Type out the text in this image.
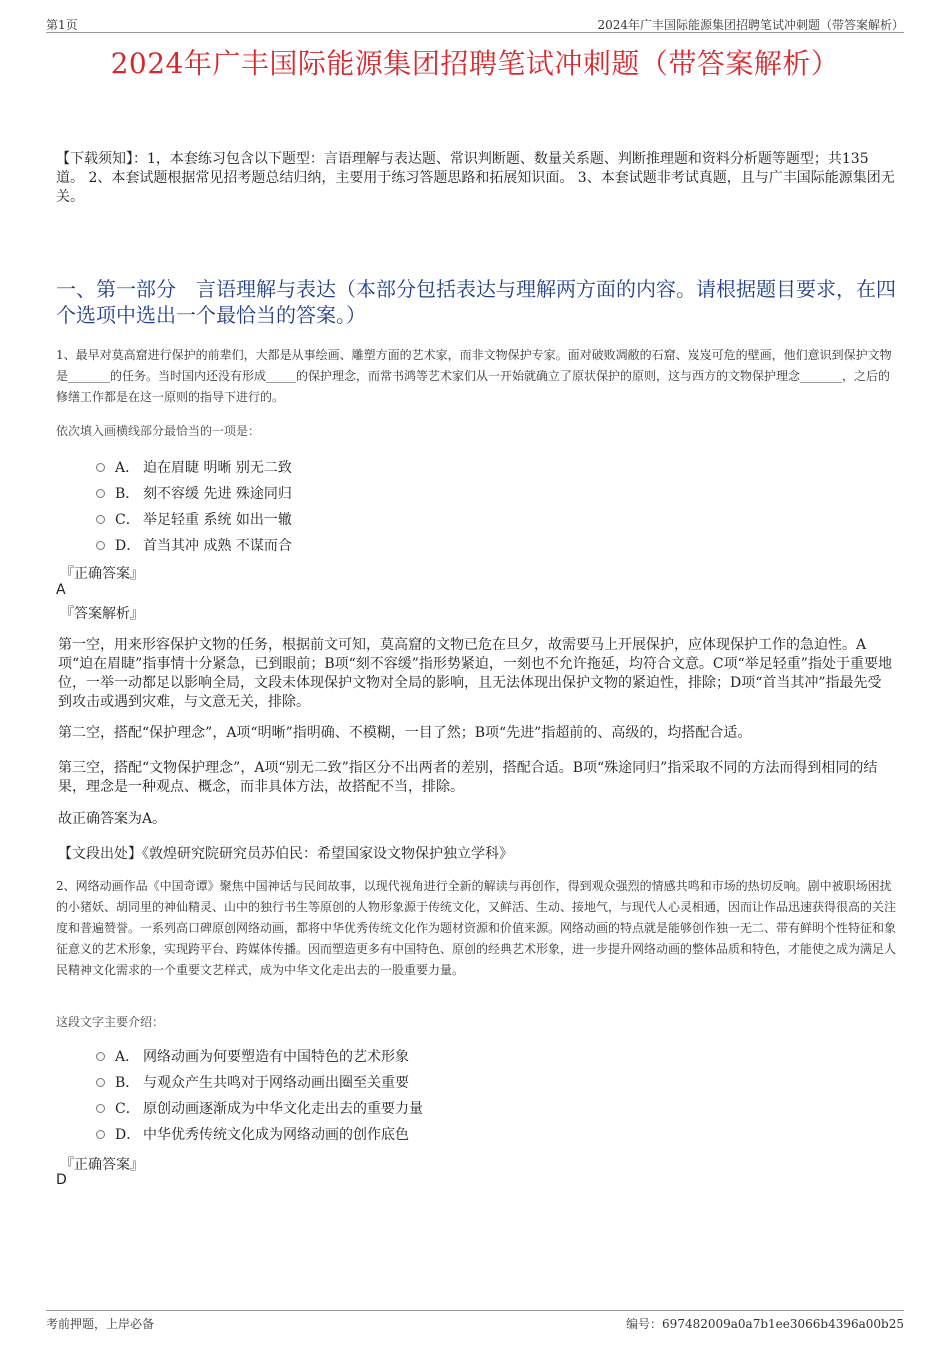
第1页	2024年广丰国际能源集团招聘笔试冲刺题（带答案解析）
2024年广丰国际能源集团招聘笔试冲刺题（带答案解析）
【下载须知】：1，本套练习包含以下题型：言语理解与表达题、常识判断题、数量关系题、判断推理题和资料分析题等题型；共135道。 2、本套试题根据常见招考题总结归纳，主要用于练习答题思路和拓展知识面。 3、本套试题非考试真题，且与广丰国际能源集团无关。
一、第一部分　言语理解与表达（本部分包括表达与理解两方面的内容。请根据题目要求，在四个选项中选出一个最恰当的答案。）
1、最早对莫高窟进行保护的前辈们，大都是从事绘画、雕塑方面的艺术家，而非文物保护专家。面对破败凋敝的石窟、岌岌可危的壁画，他们意识到保护文物是_______的任务。当时国内还没有形成_____的保护理念，而常书鸿等艺术家们从一开始就确立了原状保护的原则，这与西方的文物保护理念_______，之后的修缮工作都是在这一原则的指导下进行的。
依次填入画横线部分最恰当的一项是：
A． 迫在眉睫 明晰 别无二致
B． 刻不容缓 先进 殊途同归
C． 举足轻重 系统 如出一辙
D． 首当其冲 成熟 不谋而合
『正确答案』
A
『答案解析』
第一空，用来形容保护文物的任务，根据前文可知，莫高窟的文物已危在旦夕，故需要马上开展保护，应体现保护工作的急迫性。A项“迫在眉睫”指事情十分紧急，已到眼前；B项“刻不容缓”指形势紧迫，一刻也不允许拖延，均符合文意。C项“举足轻重”指处于重要地位，一举一动都足以影响全局，文段未体现保护文物对全局的影响，且无法体现出保护文物的紧迫性，排除；D项“首当其冲”指最先受到攻击或遇到灾难，与文意无关，排除。
第二空，搭配“保护理念”，A项“明晰”指明确、不模糊，一目了然；B项“先进”指超前的、高级的，均搭配合适。
第三空，搭配“文物保护理念”，A项“别无二致”指区分不出两者的差别，搭配合适。B项“殊途同归”指采取不同的方法而得到相同的结果，理念是一种观点、概念，而非具体方法，故搭配不当，排除。
故正确答案为A。
【文段出处】《敦煌研究院研究员苏伯民：希望国家设文物保护独立学科》
2、网络动画作品《中国奇谭》聚焦中国神话与民间故事，以现代视角进行全新的解读与再创作，得到观众强烈的情感共鸣和市场的热切反响。剧中被职场困扰的小猪妖、胡同里的神仙精灵、山中的独行书生等原创的人物形象源于传统文化，又鲜活、生动、接地气，与现代人心灵相通，因而让作品迅速获得很高的关注度和普遍赞誉。一系列高口碑原创网络动画，都将中华优秀传统文化作为题材资源和价值来源。网络动画的特点就是能够创作独一无二、带有鲜明个性特征和象征意义的艺术形象，实现跨平台、跨媒体传播。因而塑造更多有中国特色、原创的经典艺术形象，进一步提升网络动画的整体品质和特色，才能使之成为满足人民精神文化需求的一个重要文艺样式，成为中华文化走出去的一股重要力量。
这段文字主要介绍：
A． 网络动画为何要塑造有中国特色的艺术形象
B． 与观众产生共鸣对于网络动画出圈至关重要
C． 原创动画逐渐成为中华文化走出去的重要力量
D． 中华优秀传统文化成为网络动画的创作底色
『正确答案』
D
考前押题，上岸必备	编号：697482009a0a7b1ee3066b4396a00b25
